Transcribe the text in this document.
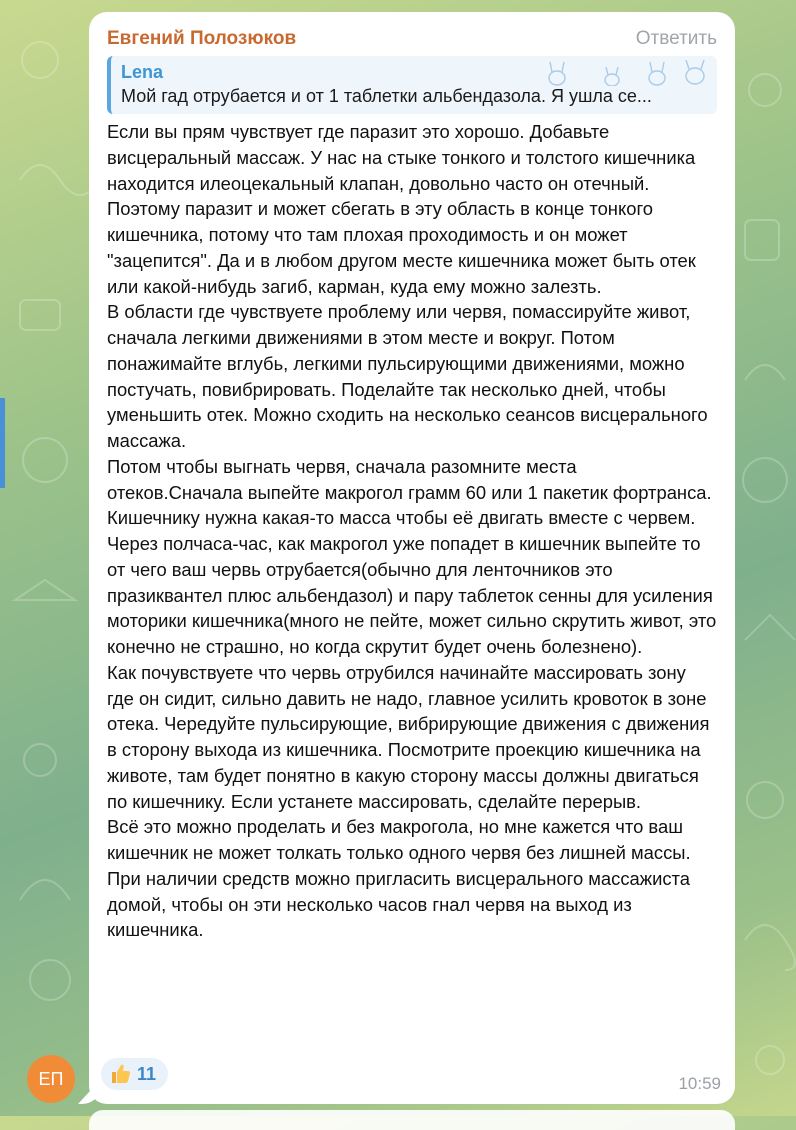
Евгений Полозюков	Ответить
Lena
Мой гад отрубается и от 1 таблетки альбендазола. Я ушла се...

Если вы прям чувствует где паразит это хорошо. Добавьте висцеральный массаж. У нас на стыке тонкого и толстого кишечника находится илеоцекальный клапан, довольно часто он отечный. Поэтому паразит и может сбегать в эту область в конце тонкого кишечника, потому что там плохая проходимость и он может "зацепится". Да и в любом другом месте кишечника может быть отек или какой-нибудь загиб, карман, куда ему можно залезть.

В области где чувствуете проблему или червя, помассируйте живот, сначала легкими движениями в этом месте и вокруг. Потом понажимайте вглубь, легкими пульсирующими движениями, можно постучать, повибрировать. Поделайте так несколько дней, чтобы уменьшить отек. Можно сходить на несколько сеансов висцерального массажа.

Потом чтобы выгнать червя, сначала разомните места отеков.Сначала выпейте макрогол грамм 60 или 1 пакетик фортранса. Кишечнику нужна какая-то масса чтобы её двигать вместе с червем. Через полчаса-час, как макрогол уже попадет в кишечник выпейте то от чего ваш червь отрубается(обычно для ленточников это празиквантел плюс альбендазол) и пару таблеток сенны для усиления моторики кишечника(много не пейте, может сильно скрутить живот, это конечно не страшно, но когда скрутит будет очень болезнено).

Как почувствуете что червь отрубился начинайте массировать зону где он сидит, сильно давить не надо, главное усилить кровоток в зоне отека. Чередуйте пульсирующие, вибрирующие движения с движения в сторону выхода из кишечника. Посмотрите проекцию кишечника на животе, там будет понятно в какую сторону массы должны двигаться по кишечнику. Если устанете массировать, сделайте перерыв.

Всё это можно проделать и без макрогола, но мне кажется что ваш кишечник не может толкать только одного червя без лишней массы.

При наличии средств можно пригласить висцерального массажиста домой, чтобы он эти несколько часов гнал червя на выход из кишечника.

11	10:59
ЕП
